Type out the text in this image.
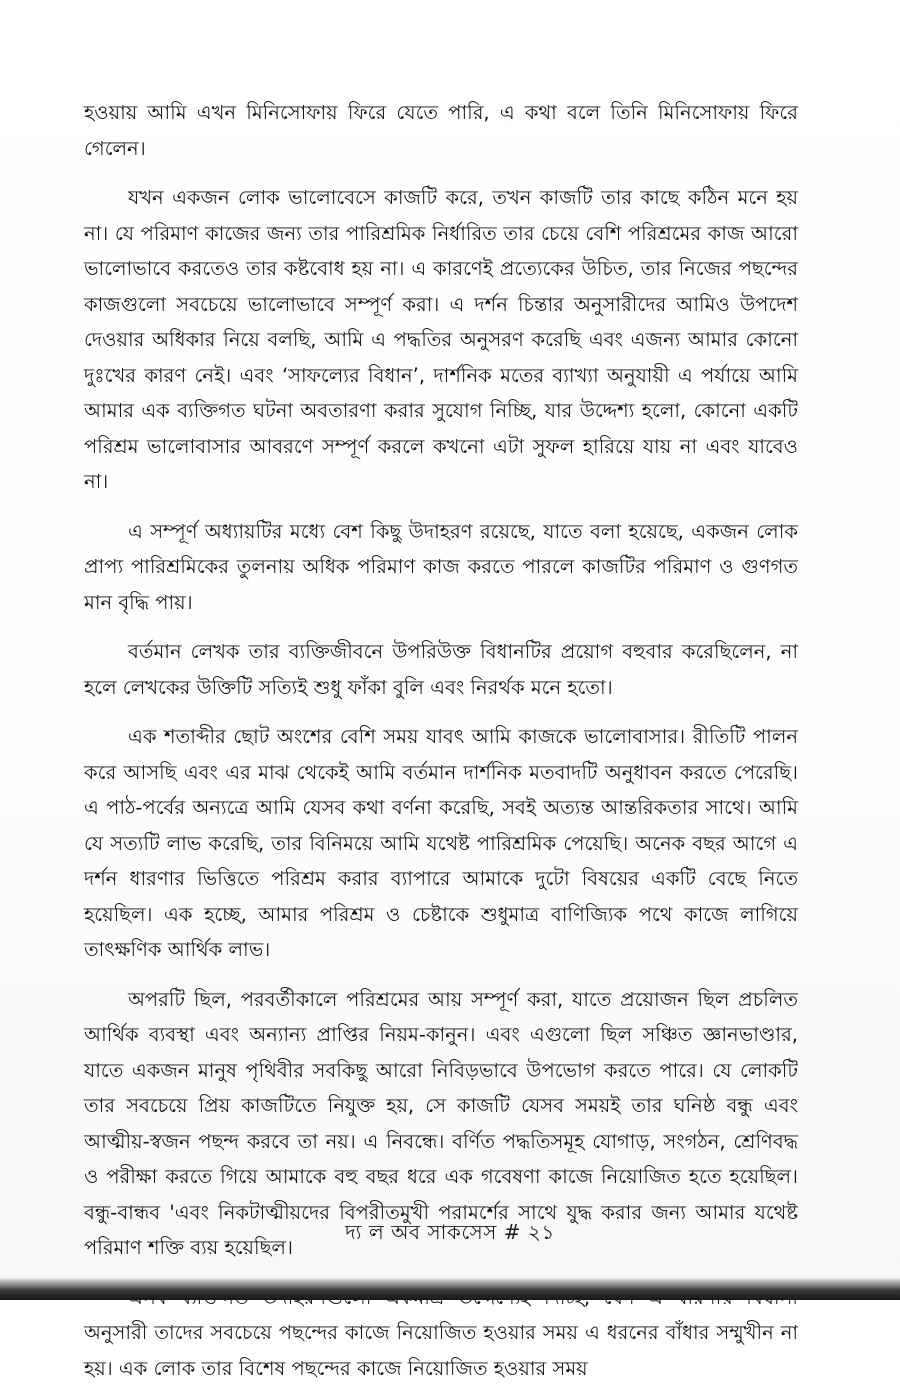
হওয়ায় আমি এখন মিনিসোফায় ফিরে যেতে পারি, এ কথা বলে তিনি মিনিসোফায় ফিরে গেলেন।

যখন একজন লোক ভালোবেসে কাজটি করে, তখন কাজটি তার কাছে কঠিন মনে হয় না। যে পরিমাণ কাজের জন্য তার পারিশ্রমিক নির্ধারিত তার চেয়ে বেশি পরিশ্রমের কাজ আরো ভালোভাবে করতেও তার কষ্টবোধ হয় না। এ কারণেই প্রত্যেকের উচিত, তার নিজের পছন্দের কাজগুলো সবচেয়ে ভালোভাবে সম্পূর্ণ করা। এ দর্শন চিন্তার অনুসারীদের আমিও উপদেশ দেওয়ার অধিকার নিয়ে বলছি, আমি এ পদ্ধতির অনুসরণ করেছি এবং এজন্য আমার কোনো দুঃখের কারণ নেই। এবং ‘সাফল্যের বিধান’, দার্শনিক মতের ব্যাখ্যা অনুযায়ী এ পর্যায়ে আমি আমার এক ব্যক্তিগত ঘটনা অবতারণা করার সুযোগ নিচ্ছি, যার উদ্দেশ্য হলো, কোনো একটি পরিশ্রম ভালোবাসার আবরণে সম্পূর্ণ করলে কখনো এটা সুফল হারিয়ে যায় না এবং যাবেও না।

এ সম্পূর্ণ অধ্যায়টির মধ্যে বেশ কিছু উদাহরণ রয়েছে, যাতে বলা হয়েছে, একজন লোক প্রাপ্য পারিশ্রমিকের তুলনায় অধিক পরিমাণ কাজ করতে পারলে কাজটির পরিমাণ ও গুণগত মান বৃদ্ধি পায়।

বর্তমান লেখক তার ব্যক্তিজীবনে উপরিউক্ত বিধানটির প্রয়োগ বহুবার করেছিলেন, না হলে লেখকের উক্তিটি সত্যিই শুধু ফাঁকা বুলি এবং নিরর্থক মনে হতো।

এক শতাব্দীর ছোট অংশের বেশি সময় যাবৎ আমি কাজকে ভালোবাসার। রীতিটি পালন করে আসছি এবং এর মাঝ থেকেই আমি বর্তমান দার্শনিক মতবাদটি অনুধাবন করতে পেরেছি। এ পাঠ-পর্বের অন্যত্রে আমি যেসব কথা বর্ণনা করেছি, সবই অত্যন্ত আন্তরিকতার সাথে। আমি যে সত্যটি লাভ করেছি, তার বিনিময়ে আমি যথেষ্ট পারিশ্রমিক পেয়েছি। অনেক বছর আগে এ দর্শন ধারণার ভিত্তিতে পরিশ্রম করার ব্যাপারে আমাকে দুটো বিষয়ের একটি বেছে নিতে হয়েছিল। এক হচ্ছে, আমার পরিশ্রম ও চেষ্টাকে শুধুমাত্র বাণিজ্যিক পথে কাজে লাগিয়ে তাৎক্ষণিক আর্থিক লাভ।

অপরটি ছিল, পরবর্তীকালে পরিশ্রমের আয় সম্পূর্ণ করা, যাতে প্রয়োজন ছিল প্রচলিত আর্থিক ব্যবস্থা এবং অন্যান্য প্রাপ্তির নিয়ম-কানুন। এবং এগুলো ছিল সঞ্চিত জ্ঞানভাণ্ডার, যাতে একজন মানুষ পৃথিবীর সবকিছু আরো নিবিড়ভাবে উপভোগ করতে পারে। যে লোকটি তার সবচেয়ে প্রিয় কাজটিতে নিযুক্ত হয়, সে কাজটি যেসব সময়ই তার ঘনিষ্ঠ বন্ধু এবং আত্মীয়-স্বজন পছন্দ করবে তা নয়। এ নিবন্ধে। বর্ণিত পদ্ধতিসমূহ যোগাড়, সংগঠন, শ্রেণিবদ্ধ ও পরীক্ষা করতে গিয়ে আমাকে বহু বছর ধরে এক গবেষণা কাজে নিয়োজিত হতে হয়েছিল। বন্ধু-বান্ধব 'এবং নিকটাত্মীয়দের বিপরীতমুখী পরামর্শের সাথে যুদ্ধ করার জন্য আমার যথেষ্ট পরিমাণ শক্তি ব্যয় হয়েছিল।

অনুসারী তাদের সবচেয়ে পছন্দের কাজে নিয়োজিত হওয়ার সময় এ ধরনের বাঁধার সম্মুখীন না হয়। এক লোক তার বিশেষ পছন্দের কাজে নিয়োজিত হওয়ার সময়

দ্য ল অব সাকসেস # ২১
